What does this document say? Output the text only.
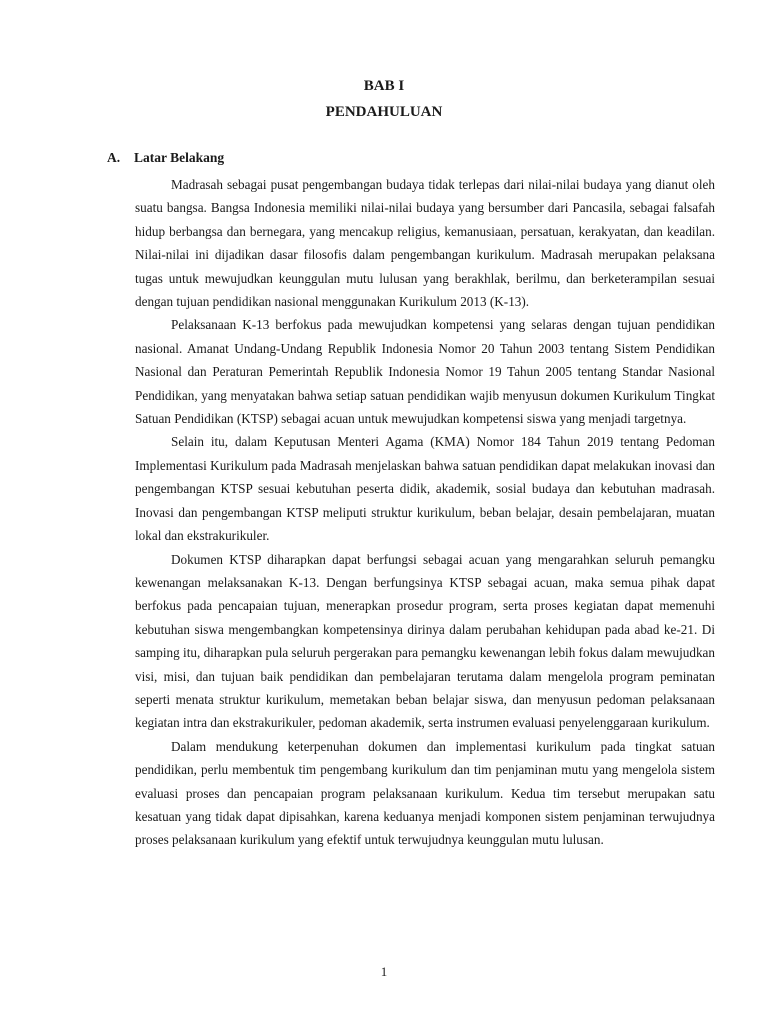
BAB I
PENDAHULUAN
A. Latar Belakang

Madrasah sebagai pusat pengembangan budaya tidak terlepas dari nilai-nilai budaya yang dianut oleh suatu bangsa. Bangsa Indonesia memiliki nilai-nilai budaya yang bersumber dari Pancasila, sebagai falsafah hidup berbangsa dan bernegara, yang mencakup religius, kemanusiaan, persatuan, kerakyatan, dan keadilan. Nilai-nilai ini dijadikan dasar filosofis dalam pengembangan kurikulum. Madrasah merupakan pelaksana tugas untuk mewujudkan keunggulan mutu lulusan yang berakhlak, berilmu, dan berketerampilan sesuai dengan tujuan pendidikan nasional menggunakan Kurikulum 2013 (K-13).

Pelaksanaan K-13 berfokus pada mewujudkan kompetensi yang selaras dengan tujuan pendidikan nasional. Amanat Undang-Undang Republik Indonesia Nomor 20 Tahun 2003 tentang Sistem Pendidikan Nasional dan Peraturan Pemerintah Republik Indonesia Nomor 19 Tahun 2005 tentang Standar Nasional Pendidikan, yang menyatakan bahwa setiap satuan pendidikan wajib menyusun dokumen Kurikulum Tingkat Satuan Pendidikan (KTSP) sebagai acuan untuk mewujudkan kompetensi siswa yang menjadi targetnya.

Selain itu, dalam Keputusan Menteri Agama (KMA) Nomor 184 Tahun 2019 tentang Pedoman Implementasi Kurikulum pada Madrasah menjelaskan bahwa satuan pendidikan dapat melakukan inovasi dan pengembangan KTSP sesuai kebutuhan peserta didik, akademik, sosial budaya dan kebutuhan madrasah. Inovasi dan pengembangan KTSP meliputi struktur kurikulum, beban belajar, desain pembelajaran, muatan lokal dan ekstrakurikuler.

Dokumen KTSP diharapkan dapat berfungsi sebagai acuan yang mengarahkan seluruh pemangku kewenangan melaksanakan K-13. Dengan berfungsinya KTSP sebagai acuan, maka semua pihak dapat berfokus pada pencapaian tujuan, menerapkan prosedur program, serta proses kegiatan dapat memenuhi kebutuhan siswa mengembangkan kompetensinya dirinya dalam perubahan kehidupan pada abad ke-21. Di samping itu, diharapkan pula seluruh pergerakan para pemangku kewenangan lebih fokus dalam mewujudkan visi, misi, dan tujuan baik pendidikan dan pembelajaran terutama dalam mengelola program peminatan seperti menata struktur kurikulum, memetakan beban belajar siswa, dan menyusun pedoman pelaksanaan kegiatan intra dan ekstrakurikuler, pedoman akademik, serta instrumen evaluasi penyelenggaraan kurikulum.

Dalam mendukung keterpenuhan dokumen dan implementasi kurikulum pada tingkat satuan pendidikan, perlu membentuk tim pengembang kurikulum dan tim penjaminan mutu yang mengelola sistem evaluasi proses dan pencapaian program pelaksanaan kurikulum. Kedua tim tersebut merupakan satu kesatuan yang tidak dapat dipisahkan, karena keduanya menjadi komponen sistem penjaminan terwujudnya proses pelaksanaan kurikulum yang efektif untuk terwujudnya keunggulan mutu lulusan.

1
